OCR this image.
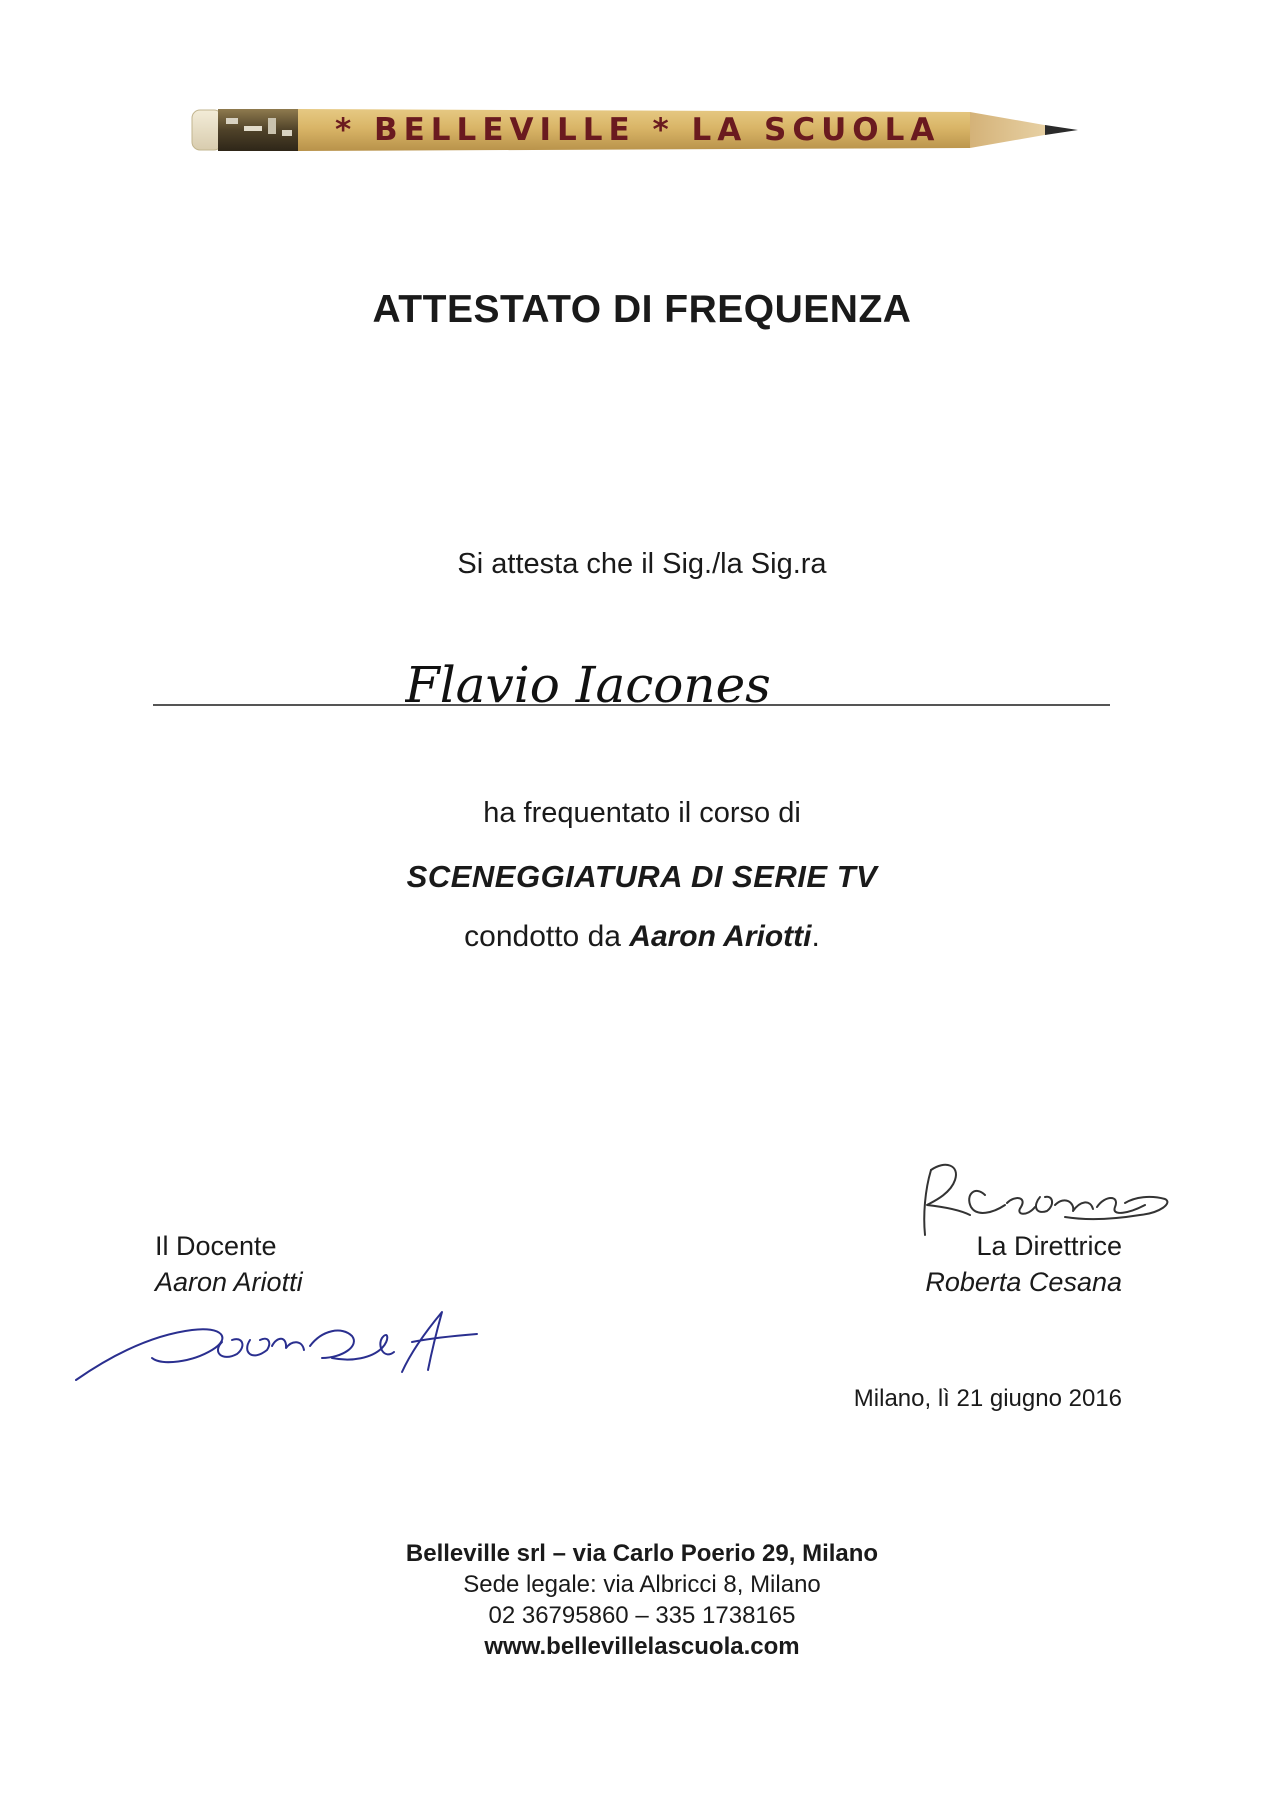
* BELLEVILLE * LA SCUOLA
ATTESTATO DI FREQUENZA
Si attesta che il Sig./la Sig.ra
Flavio Iacones
ha frequentato il corso di
SCENEGGIATURA DI SERIE TV
condotto da Aaron Ariotti.
Il Docente
Aaron Ariotti
La Direttrice
Roberta Cesana
Milano, lì 21 giugno 2016
Belleville srl – via Carlo Poerio 29, Milano
Sede legale: via Albricci 8, Milano
02 36795860 – 335 1738165
www.bellevillelascuola.com
